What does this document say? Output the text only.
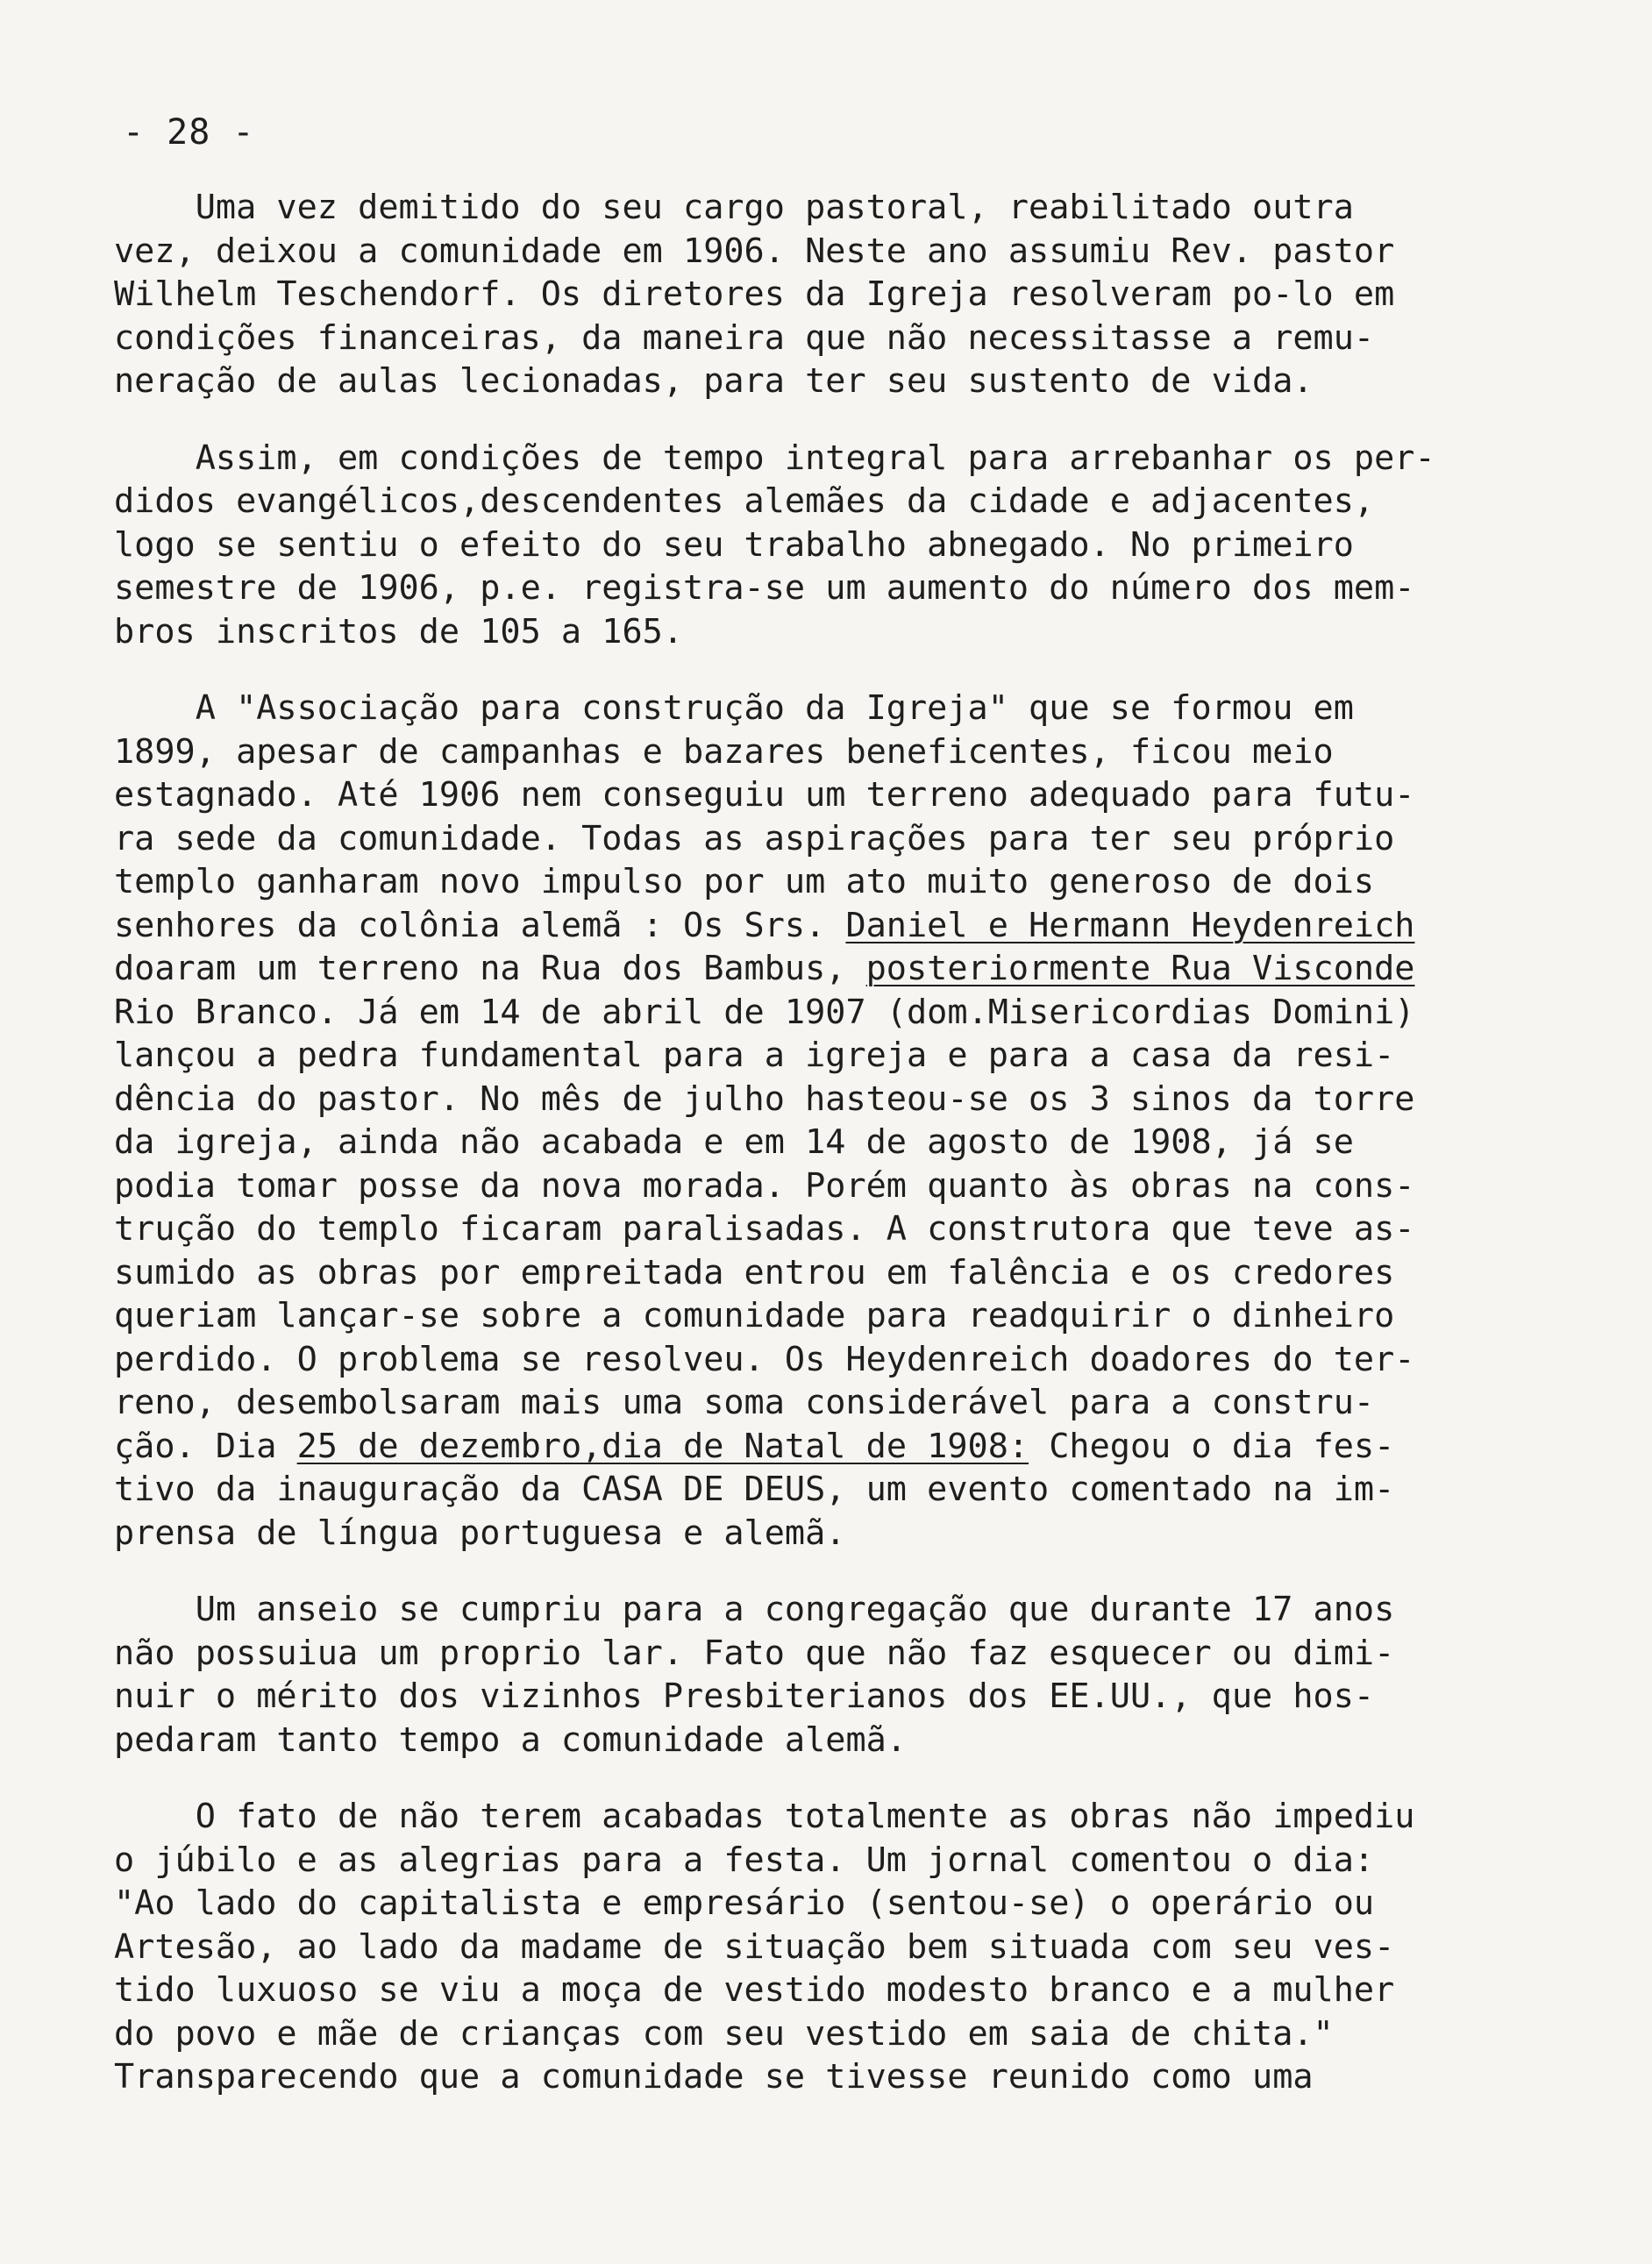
- 28 -

Uma vez demitido do seu cargo pastoral, reabilitado outra
vez, deixou a comunidade em 1906. Neste ano assumiu Rev. pastor
Wilhelm Teschendorf. Os diretores da Igreja resolveram po-lo em
condições financeiras, da maneira que não necessitasse a remu-
neração de aulas lecionadas, para ter seu sustento de vida.

Assim, em condições de tempo integral para arrebanhar os per-
didos evangélicos,descendentes alemães da cidade e adjacentes,
logo se sentiu o efeito do seu trabalho abnegado. No primeiro
semestre de 1906, p.e. registra-se um aumento do número dos mem-
bros inscritos de 105 a 165.

A "Associação para construção da Igreja" que se formou em
1899, apesar de campanhas e bazares beneficentes, ficou meio
estagnado. Até 1906 nem conseguiu um terreno adequado para futu-
ra sede da comunidade. Todas as aspirações para ter seu próprio
templo ganharam novo impulso por um ato muito generoso de dois
senhores da colônia alemã : Os Srs. Daniel e Hermann Heydenreich
doaram um terreno na Rua dos Bambus, posteriormente Rua Visconde
Rio Branco. Já em 14 de abril de 1907 (dom.Misericordias Domini)
lançou a pedra fundamental para a igreja e para a casa da resi-
dência do pastor. No mês de julho hasteou-se os 3 sinos da torre
da igreja, ainda não acabada e em 14 de agosto de 1908, já se
podia tomar posse da nova morada. Porém quanto às obras na cons-
trução do templo ficaram paralisadas. A construtora que teve as-
sumido as obras por empreitada entrou em falência e os credores
queriam lançar-se sobre a comunidade para readquirir o dinheiro
perdido. O problema se resolveu. Os Heydenreich doadores do ter-
reno, desembolsaram mais uma soma considerável para a constru-
ção. Dia 25 de dezembro,dia de Natal de 1908: Chegou o dia fes-
tivo da inauguração da CASA DE DEUS, um evento comentado na im-
prensa de língua portuguesa e alemã.

Um anseio se cumpriu para a congregação que durante 17 anos
não possuiua um proprio lar. Fato que não faz esquecer ou dimi-
nuir o mérito dos vizinhos Presbiterianos dos EE.UU., que hos-
pedaram tanto tempo a comunidade alemã.

O fato de não terem acabadas totalmente as obras não impediu
o júbilo e as alegrias para a festa. Um jornal comentou o dia:
"Ao lado do capitalista e empresário (sentou-se) o operário ou
Artesão, ao lado da madame de situação bem situada com seu ves-
tido luxuoso se viu a moça de vestido modesto branco e a mulher
do povo e mãe de crianças com seu vestido em saia de chita."
Transparecendo que a comunidade se tivesse reunido como uma
